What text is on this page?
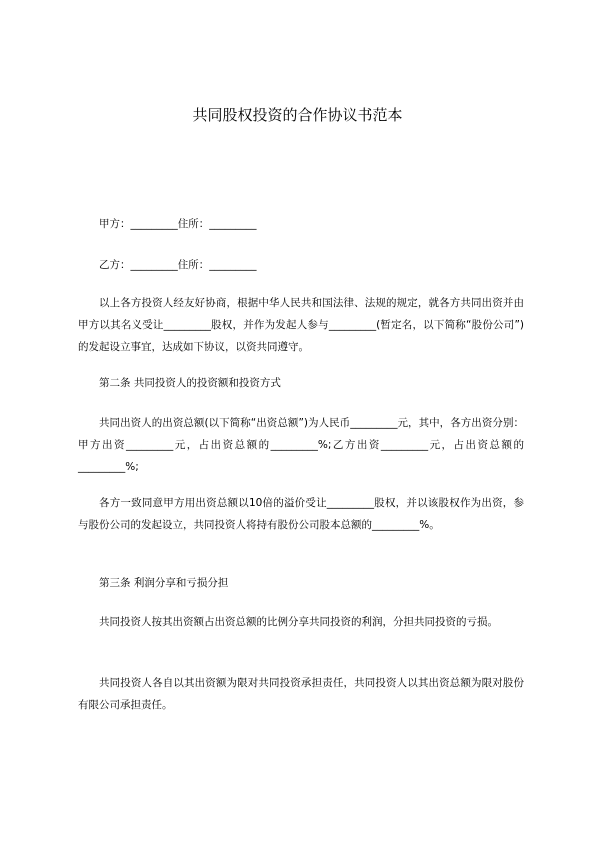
共同股权投资的合作协议书范本

甲方：_________住所：_________

乙方：_________住所：_________

以上各方投资人经友好协商，根据中华人民共和国法律、法规的规定，就各方共同出资并由甲方以其名义受让_________股权，并作为发起人参与_________(暂定名，以下简称“股份公司”)的发起设立事宜，达成如下协议，以资共同遵守。

第二条 共同投资人的投资额和投资方式

共同出资人的出资总额(以下简称“出资总额”)为人民币_________元，其中，各方出资分别：甲方出资_________元，占出资总额的_________%;乙方出资_________元，占出资总额的_________%;

各方一致同意甲方用出资总额以10倍的溢价受让_________股权，并以该股权作为出资，参与股份公司的发起设立，共同投资人将持有股份公司股本总额的_________%。

第三条 利润分享和亏损分担

共同投资人按其出资额占出资总额的比例分享共同投资的利润，分担共同投资的亏损。

共同投资人各自以其出资额为限对共同投资承担责任，共同投资人以其出资总额为限对股份有限公司承担责任。
